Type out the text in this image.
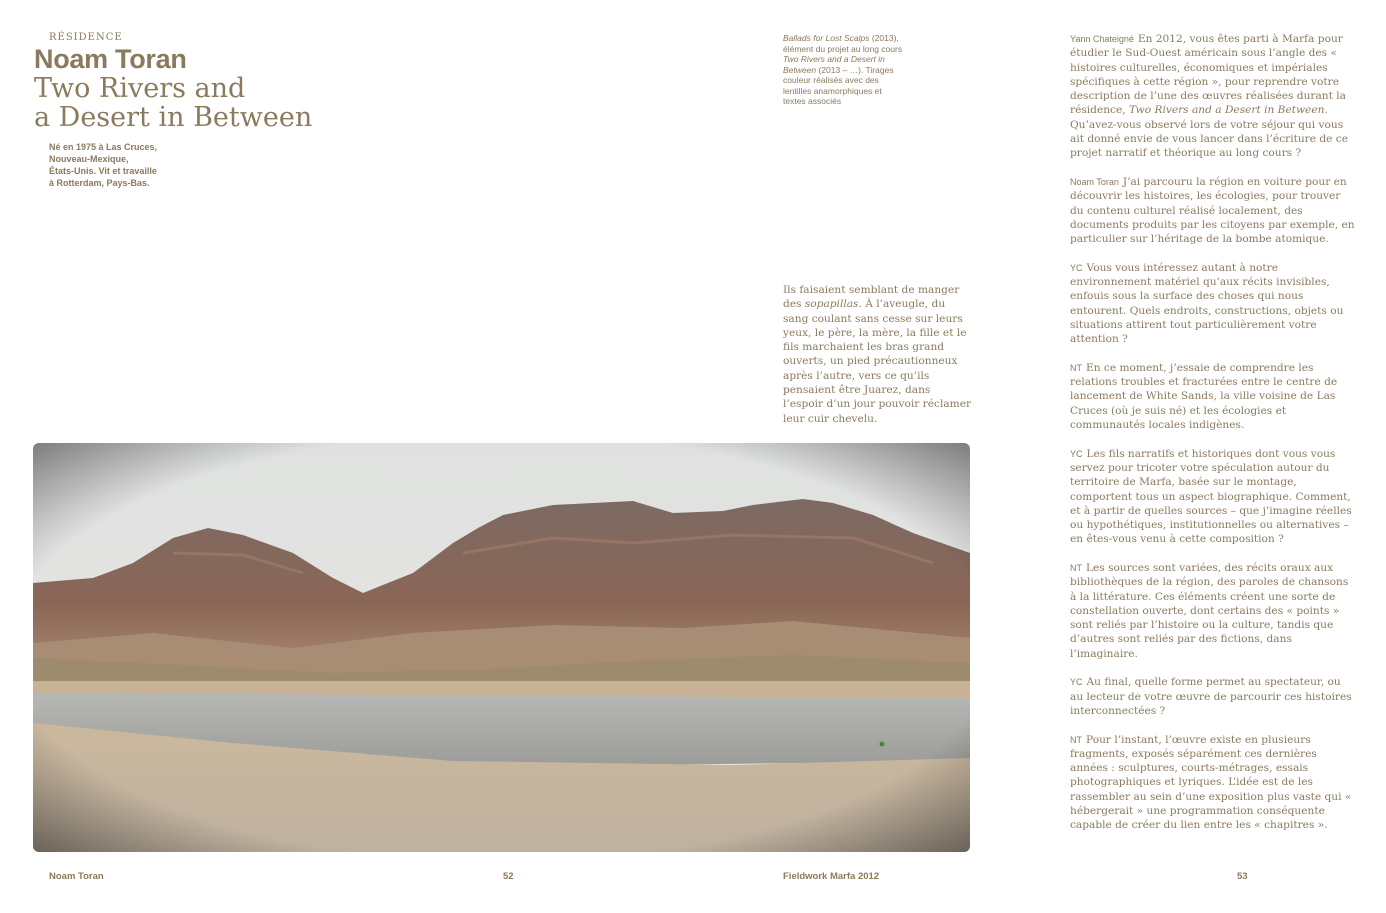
RÉSIDENCE
Noam Toran
Two Rivers and
a Desert in Between
Né en 1975 à Las Cruces,
Nouveau-Mexique,
États-Unis. Vit et travaille
à Rotterdam, Pays-Bas.
Ballads for Lost Scalps (2013), élément du projet au long cours Two Rivers and a Desert in Between (2013 – …). Tirages couleur réalisés avec des lentilles anamorphiques et textes associés
Ils faisaient semblant de manger des sopapillas. À l’aveugle, du sang coulant sans cesse sur leurs yeux, le père, la mère, la fille et le fils marchaient les bras grand ouverts, un pied précautionneux après l’autre, vers ce qu’ils pensaient être Juarez, dans l’espoir d’un jour pouvoir réclamer leur cuir chevelu.

Yann Chateigné En 2012, vous êtes parti à Marfa pour étudier le Sud-Ouest américain sous l’angle des « histoires culturelles, économiques et impériales spécifiques à cette région », pour reprendre votre description de l’une des œuvres réalisées durant la résidence, Two Rivers and a Desert in Between. Qu’avez-vous observé lors de votre séjour qui vous ait donné envie de vous lancer dans l’écriture de ce projet narratif et théorique au long cours ?

Noam Toran J’ai parcouru la région en voiture pour en découvrir les histoires, les écologies, pour trouver du contenu culturel réalisé localement, des documents produits par les citoyens par exemple, en particulier sur l’héritage de la bombe atomique.

YC Vous vous intéressez autant à notre environnement matériel qu’aux récits invisibles, enfouis sous la surface des choses qui nous entourent. Quels endroits, constructions, objets ou situations attirent tout particulièrement votre attention ?

NT En ce moment, j’essaie de comprendre les relations troubles et fracturées entre le centre de lancement de White Sands, la ville voisine de Las Cruces (où je suis né) et les écologies et communautés locales indigènes.

YC Les fils narratifs et historiques dont vous vous servez pour tricoter votre spéculation autour du territoire de Marfa, basée sur le montage, comportent tous un aspect biographique. Comment, et à partir de quelles sources – que j’imagine réelles ou hypothétiques, institutionnelles ou alternatives – en êtes-vous venu à cette composition ?

NT Les sources sont variées, des récits oraux aux bibliothèques de la région, des paroles de chansons à la littérature. Ces éléments créent une sorte de constellation ouverte, dont certains des « points » sont reliés par l’histoire ou la culture, tandis que d’autres sont reliés par des fictions, dans l’imaginaire.

YC Au final, quelle forme permet au spectateur, ou au lecteur de votre œuvre de parcourir ces histoires interconnectées ?

NT Pour l’instant, l’œuvre existe en plusieurs fragments, exposés séparément ces dernières années : sculptures, courts-métrages, essais photographiques et lyriques. L’idée est de les rassembler au sein d’une exposition plus vaste qui « hébergerait » une programmation conséquente capable de créer du lien entre les « chapitres ».

Noam Toran	52	Fieldwork Marfa 2012	53
